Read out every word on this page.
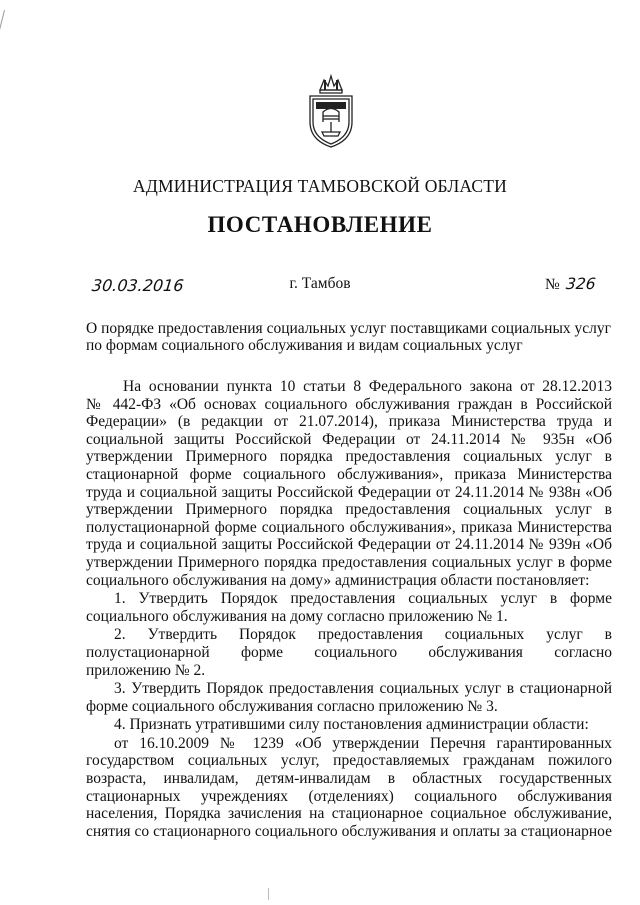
АДМИНИСТРАЦИЯ ТАМБОВСКОЙ ОБЛАСТИ
ПОСТАНОВЛЕНИЕ
30.03.2016	г. Тамбов	№ 326
О порядке предоставления социальных услуг поставщиками социальных услуг
по формам социального обслуживания и видам социальных услуг
На основании пункта 10 статьи 8 Федерального закона от 28.12.2013
№ 442-ФЗ «Об основах социального обслуживания граждан в Российской
Федерации» (в редакции от 21.07.2014), приказа Министерства труда и
социальной защиты Российской Федерации от 24.11.2014 № 935н «Об
утверждении Примерного порядка предоставления социальных услуг в
стационарной форме социального обслуживания», приказа Министерства
труда и социальной защиты Российской Федерации от 24.11.2014 № 938н «Об
утверждении Примерного порядка предоставления социальных услуг в
полустационарной форме социального обслуживания», приказа Министерства
труда и социальной защиты Российской Федерации от 24.11.2014 № 939н «Об
утверждении Примерного порядка предоставления социальных услуг в форме
социального обслуживания на дому» администрация области постановляет:
1. Утвердить Порядок предоставления социальных услуг в форме
социального обслуживания на дому согласно приложению № 1.
2. Утвердить Порядок предоставления социальных услуг в
полустационарной форме социального обслуживания согласно
приложению № 2.
3. Утвердить Порядок предоставления социальных услуг в стационарной
форме социального обслуживания согласно приложению № 3.
4. Признать утратившими силу постановления администрации области:
от 16.10.2009 № 1239 «Об утверждении Перечня гарантированных
государством социальных услуг, предоставляемых гражданам пожилого
возраста, инвалидам, детям-инвалидам в областных государственных
стационарных учреждениях (отделениях) социального обслуживания
населения, Порядка зачисления на стационарное социальное обслуживание,
снятия со стационарного социального обслуживания и оплаты за стационарное
